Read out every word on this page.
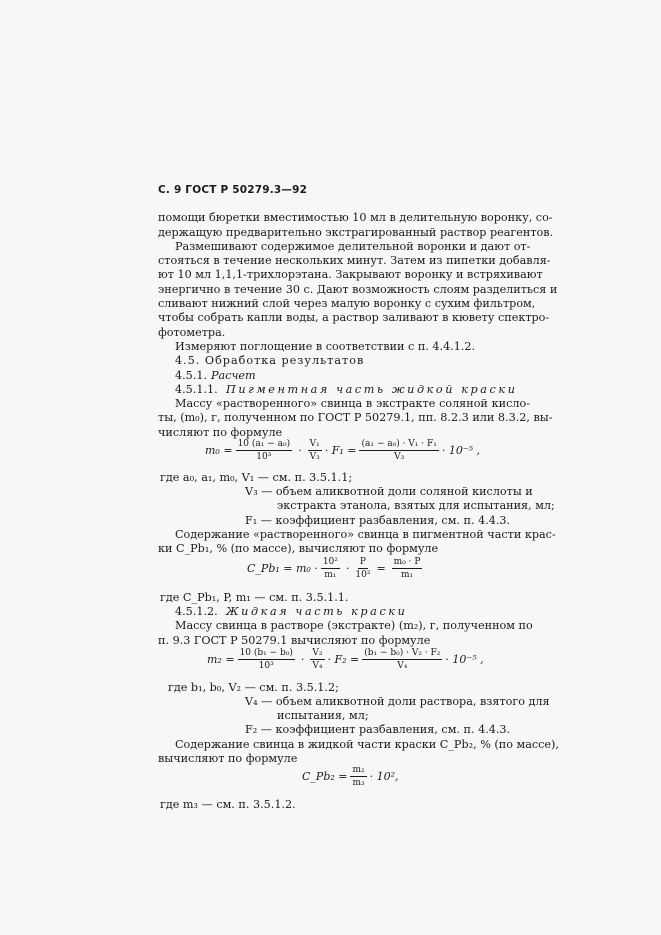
С. 9 ГОСТ Р 50279.3—92
помощи бюретки вместимостью 10 мл в делительную воронку, со-
держащую предварительно экстрагированный раствор реагентов.
Размешивают содержимое делительной воронки и дают от-
стояться в течение нескольких минут. Затем из пипетки добавля-
ют 10 мл 1,1,1-трихлорэтана. Закрывают воронку и встряхивают
энергично в течение 30 с. Дают возможность слоям разделиться и
сливают нижний слой через малую воронку с сухим фильтром,
чтобы собрать капли воды, а раствор заливают в кювету спектро-
фотометра.
Измеряют поглощение в соответствии с п. 4.4.1.2.
4.5. Обработка результатов
4.5.1. Расчет
4.5.1.1. Пигментная часть жидкой краски
Массу «растворенного» свинца в экстракте соляной кисло-
ты, (m₀), г, полученном по ГОСТ Р 50279.1, пп. 8.2.3 или 8.3.2, вы-
числяют по формуле
$m_0 = \frac{\text{10 (a₁ − a₀)}}{\text{10³}} \cdot V_1$
$V_3 \cdot F_1 = \frac{\text{(a₁ − a₀) · V₁ · F₁}}{\text{V₃}} \cdot 10^{-5}$ ,
где a₀, a₁, m₀, V₁ — см. п. 3.5.1.1;
V₃ — объем аликвотной доли соляной кислоты и
экстракта этанола, взятых для испытания, мл;
F₁ — коэффициент разбавления, см. п. 4.4.3.
Содержание «растворенного» свинца в пигментной части крас-
ки C_Pb₁, % (по массе), вычисляют по формуле
C_Pb₁ = m₀ · 10²
$m_1 \cdot \frac{P}{\text{10²}} = \frac{\text{m₀ · P}}{\text{m₁}}$
где C_Pb₁, P, m₁ — см. п. 3.5.1.1.
4.5.1.2. Жидкая часть краски
Массу свинца в растворе (экстракте) (m₂), г, полученном по
п. 9.3 ГОСТ Р 50279.1 вычисляют по формуле
$m_2 = \frac{\text{10 (b₁ − b₀)}}{\text{10³}} \cdot V_2$
$V_4 \cdot F_2 = \frac{\text{(b₁ − b₀) · V₂ · F₂}}{\text{V₄}} \cdot 10^{-5}$ ,
где b₁, b₀, V₂ — см. п. 3.5.1.2;
V₄ — объем аликвотной доли раствора, взятого для
испытания, мл;
F₂ — коэффициент разбавления, см. п. 4.4.3.
Содержание свинца в жидкой части краски C_Pb₂, % (по массе),
вычисляют по формуле
C_Pb₂ = $\frac{\text{m₂}}{\text{m₃}} \cdot 10^2$,
где m₃ — см. п. 3.5.1.2.
